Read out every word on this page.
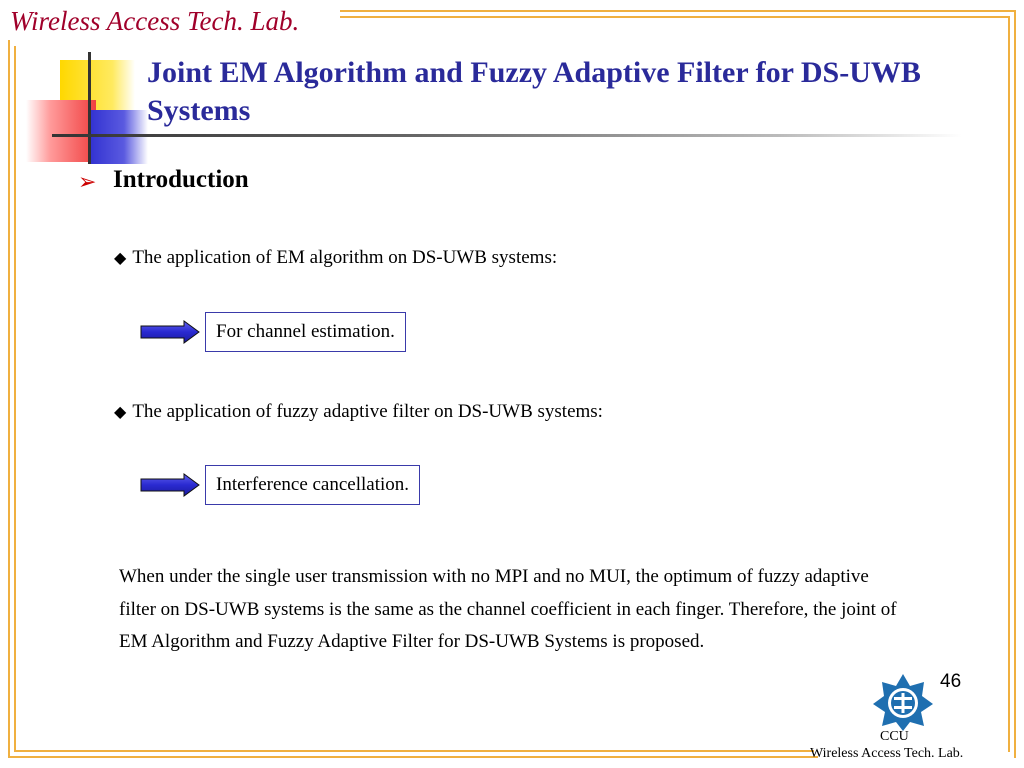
Wireless Access Tech. Lab.
Joint EM Algorithm and Fuzzy Adaptive Filter for DS-UWB Systems
➢ Introduction
◆ The application of EM algorithm on DS-UWB systems:
For channel estimation.
◆ The application of fuzzy adaptive filter on DS-UWB systems:
Interference cancellation.
When under the single user transmission with no MPI and no MUI, the optimum of fuzzy adaptive filter on DS-UWB systems is the same as the channel coefficient in each finger. Therefore, the joint of EM Algorithm and Fuzzy Adaptive Filter for DS-UWB Systems is proposed.
46
CCU
Wireless Access Tech. Lab.
